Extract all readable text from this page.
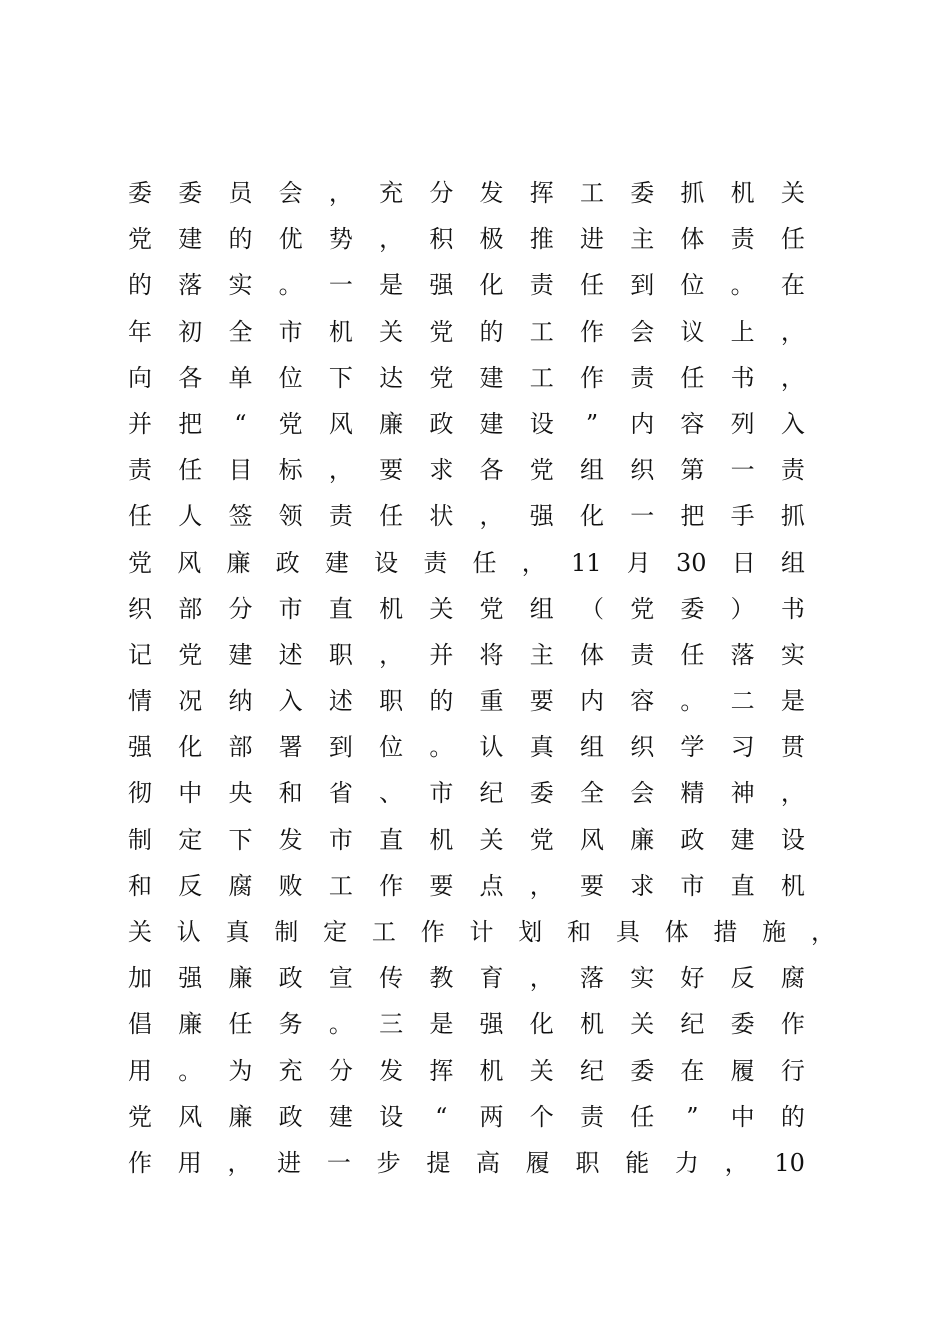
委 委 员 会 ， 充 分 发 挥 工 委 抓 机 关
党 建 的 优 势 ， 积 极 推 进 主 体 责 任
的 落 实 。 一 是 强 化 责 任 到 位 。 在
年 初 全 市 机 关 党 的 工 作 会 议 上 ，
向 各 单 位 下 达 党 建 工 作 责 任 书 ，
并 把 “ 党 风 廉 政 建 设 ” 内 容 列 入
责 任 目 标 ， 要 求 各 党 组 织 第 一 责
任 人 签 领 责 任 状 ， 强 化 一 把 手 抓
党 风 廉 政 建 设 责 任 ， 11 月 30 日 组
织 部 分 市 直 机 关 党 组 （ 党 委 ） 书
记 党 建 述 职 ， 并 将 主 体 责 任 落 实
情 况 纳 入 述 职 的 重 要 内 容 。 二 是
强 化 部 署 到 位 。 认 真 组 织 学 习 贯
彻 中 央 和 省 、 市 纪 委 全 会 精 神 ，
制 定 下 发 市 直 机 关 党 风 廉 政 建 设
和 反 腐 败 工 作 要 点 ， 要 求 市 直 机
关 认 真 制 定 工 作 计 划 和 具 体 措 施 ，
加 强 廉 政 宣 传 教 育 ， 落 实 好 反 腐
倡 廉 任 务 。 三 是 强 化 机 关 纪 委 作
用 。 为 充 分 发 挥 机 关 纪 委 在 履 行
党 风 廉 政 建 设 “ 两 个 责 任 ” 中 的
作 用 ， 进 一 步 提 高 履 职 能 力 ， 10
